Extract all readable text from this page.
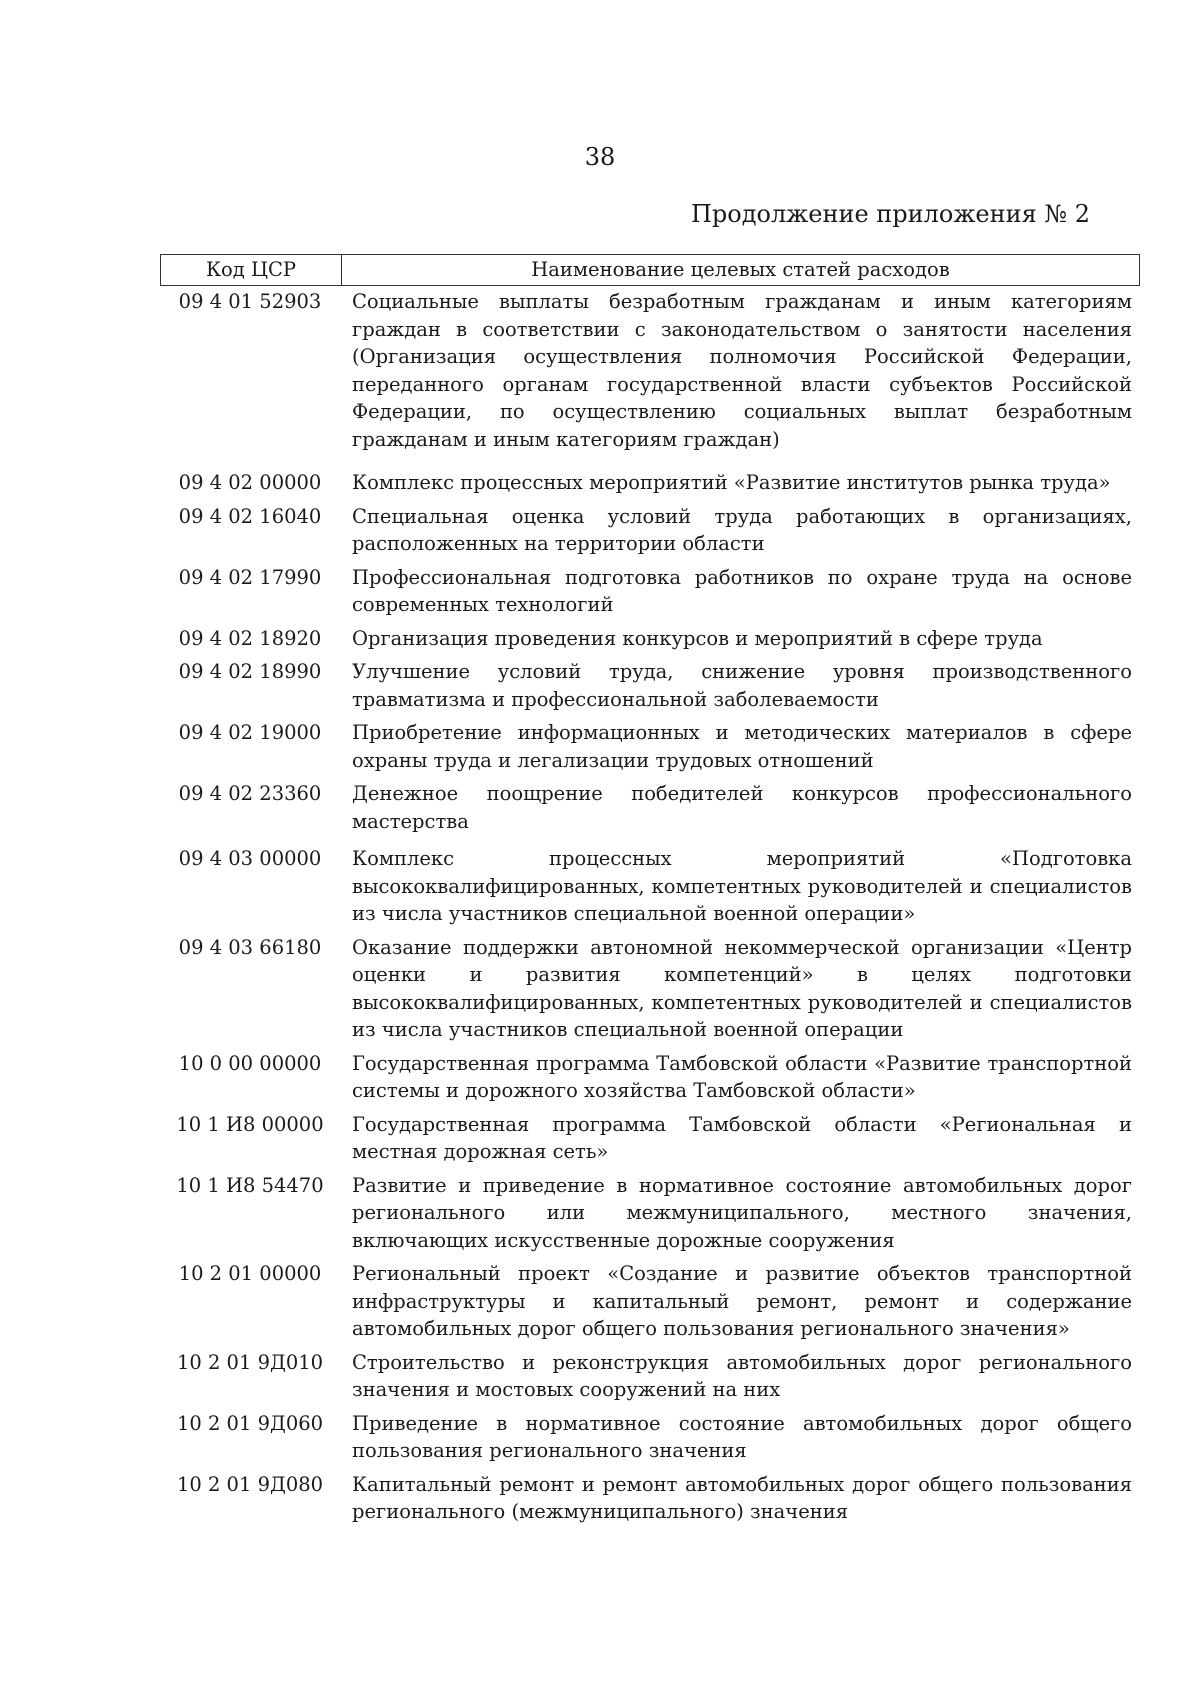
38
Продолжение приложения № 2
Код ЦСР	Наименование целевых статей расходов
09 4 01 52903	Социальные выплаты безработным гражданам и иным категориям граждан в соответствии с законодательством о занятости населения (Организация осуществления полномочия Российской Федерации, переданного органам государственной власти субъектов Российской Федерации, по осуществлению социальных выплат безработным гражданам и иным категориям граждан)
09 4 02 00000	Комплекс процессных мероприятий «Развитие институтов рынка труда»
09 4 02 16040	Специальная оценка условий труда работающих в организациях, расположенных на территории области
09 4 02 17990	Профессиональная подготовка работников по охране труда на основе современных технологий
09 4 02 18920	Организация проведения конкурсов и мероприятий в сфере труда
09 4 02 18990	Улучшение условий труда, снижение уровня производственного травматизма и профессиональной заболеваемости
09 4 02 19000	Приобретение информационных и методических материалов в сфере охраны труда и легализации трудовых отношений
09 4 02 23360	Денежное поощрение победителей конкурсов профессионального мастерства
09 4 03 00000	Комплекс процессных мероприятий «Подготовка высококвалифицированных, компетентных руководителей и специалистов из числа участников специальной военной операции»
09 4 03 66180	Оказание поддержки автономной некоммерческой организации «Центр оценки и развития компетенций» в целях подготовки высококвалифицированных, компетентных руководителей и специалистов из числа участников специальной военной операции
10 0 00 00000	Государственная программа Тамбовской области «Развитие транспортной системы и дорожного хозяйства Тамбовской области»
10 1 И8 00000	Государственная программа Тамбовской области «Региональная и местная дорожная сеть»
10 1 И8 54470	Развитие и приведение в нормативное состояние автомобильных дорог регионального или межмуниципального, местного значения, включающих искусственные дорожные сооружения
10 2 01 00000	Региональный проект «Создание и развитие объектов транспортной инфраструктуры и капитальный ремонт, ремонт и содержание автомобильных дорог общего пользования регионального значения»
10 2 01 9Д010	Строительство и реконструкция автомобильных дорог регионального значения и мостовых сооружений на них
10 2 01 9Д060	Приведение в нормативное состояние автомобильных дорог общего пользования регионального значения
10 2 01 9Д080	Капитальный ремонт и ремонт автомобильных дорог общего пользования регионального (межмуниципального) значения
